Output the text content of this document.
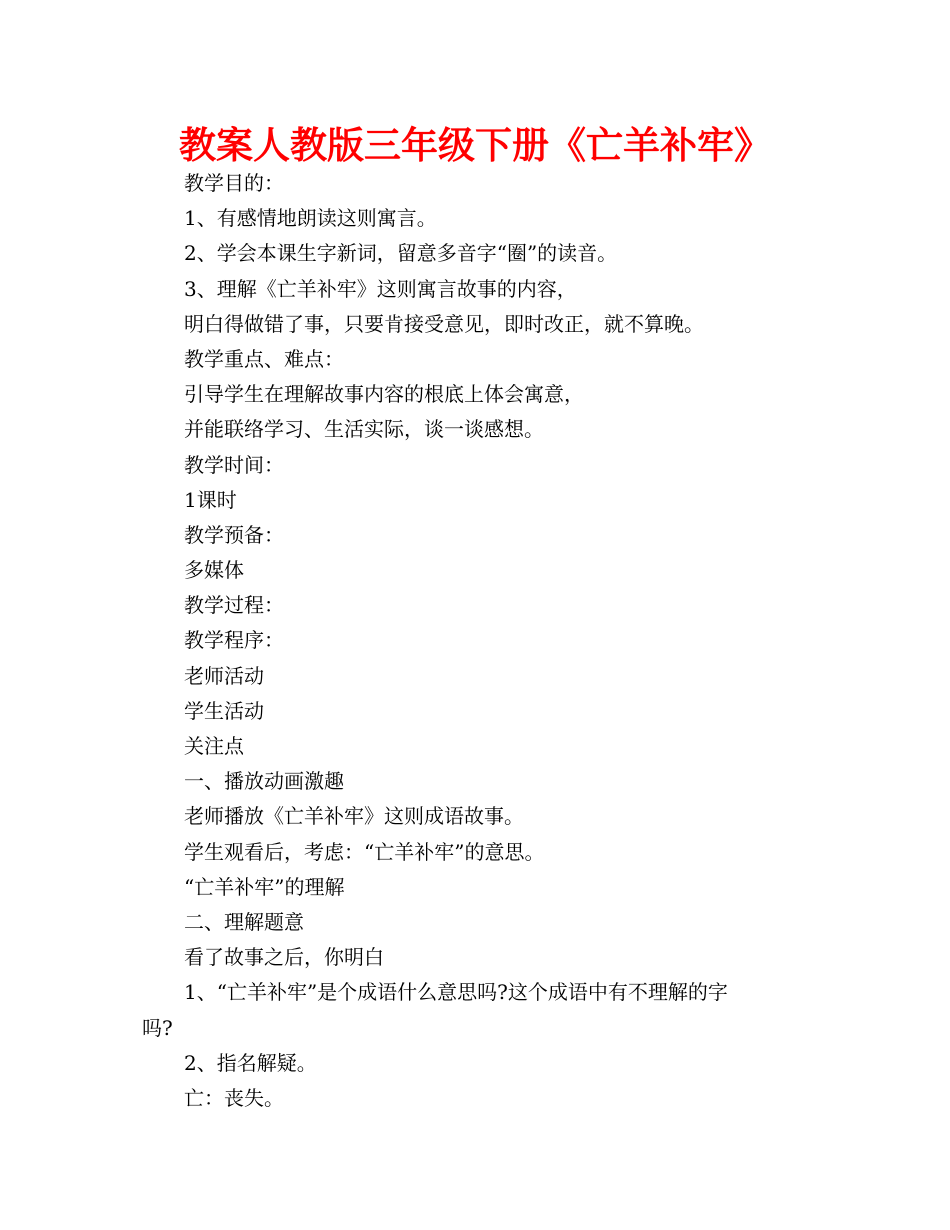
教案人教版三年级下册《亡羊补牢》
教学目的：
1、有感情地朗读这则寓言。
2、学会本课生字新词，留意多音字“圈”的读音。
3、理解《亡羊补牢》这则寓言故事的内容，
明白得做错了事，只要肯接受意见，即时改正，就不算晚。
教学重点、难点：
引导学生在理解故事内容的根底上体会寓意，
并能联络学习、生活实际，谈一谈感想。
教学时间：
1课时
教学预备：
多媒体
教学过程：
教学程序：
老师活动
学生活动
关注点
一、播放动画激趣
老师播放《亡羊补牢》这则成语故事。
学生观看后，考虑：“亡羊补牢”的意思。
“亡羊补牢”的理解
二、理解题意
看了故事之后，你明白
1、“亡羊补牢”是个成语什么意思吗?这个成语中有不理解的字
吗?
2、指名解疑。
亡：丧失。
